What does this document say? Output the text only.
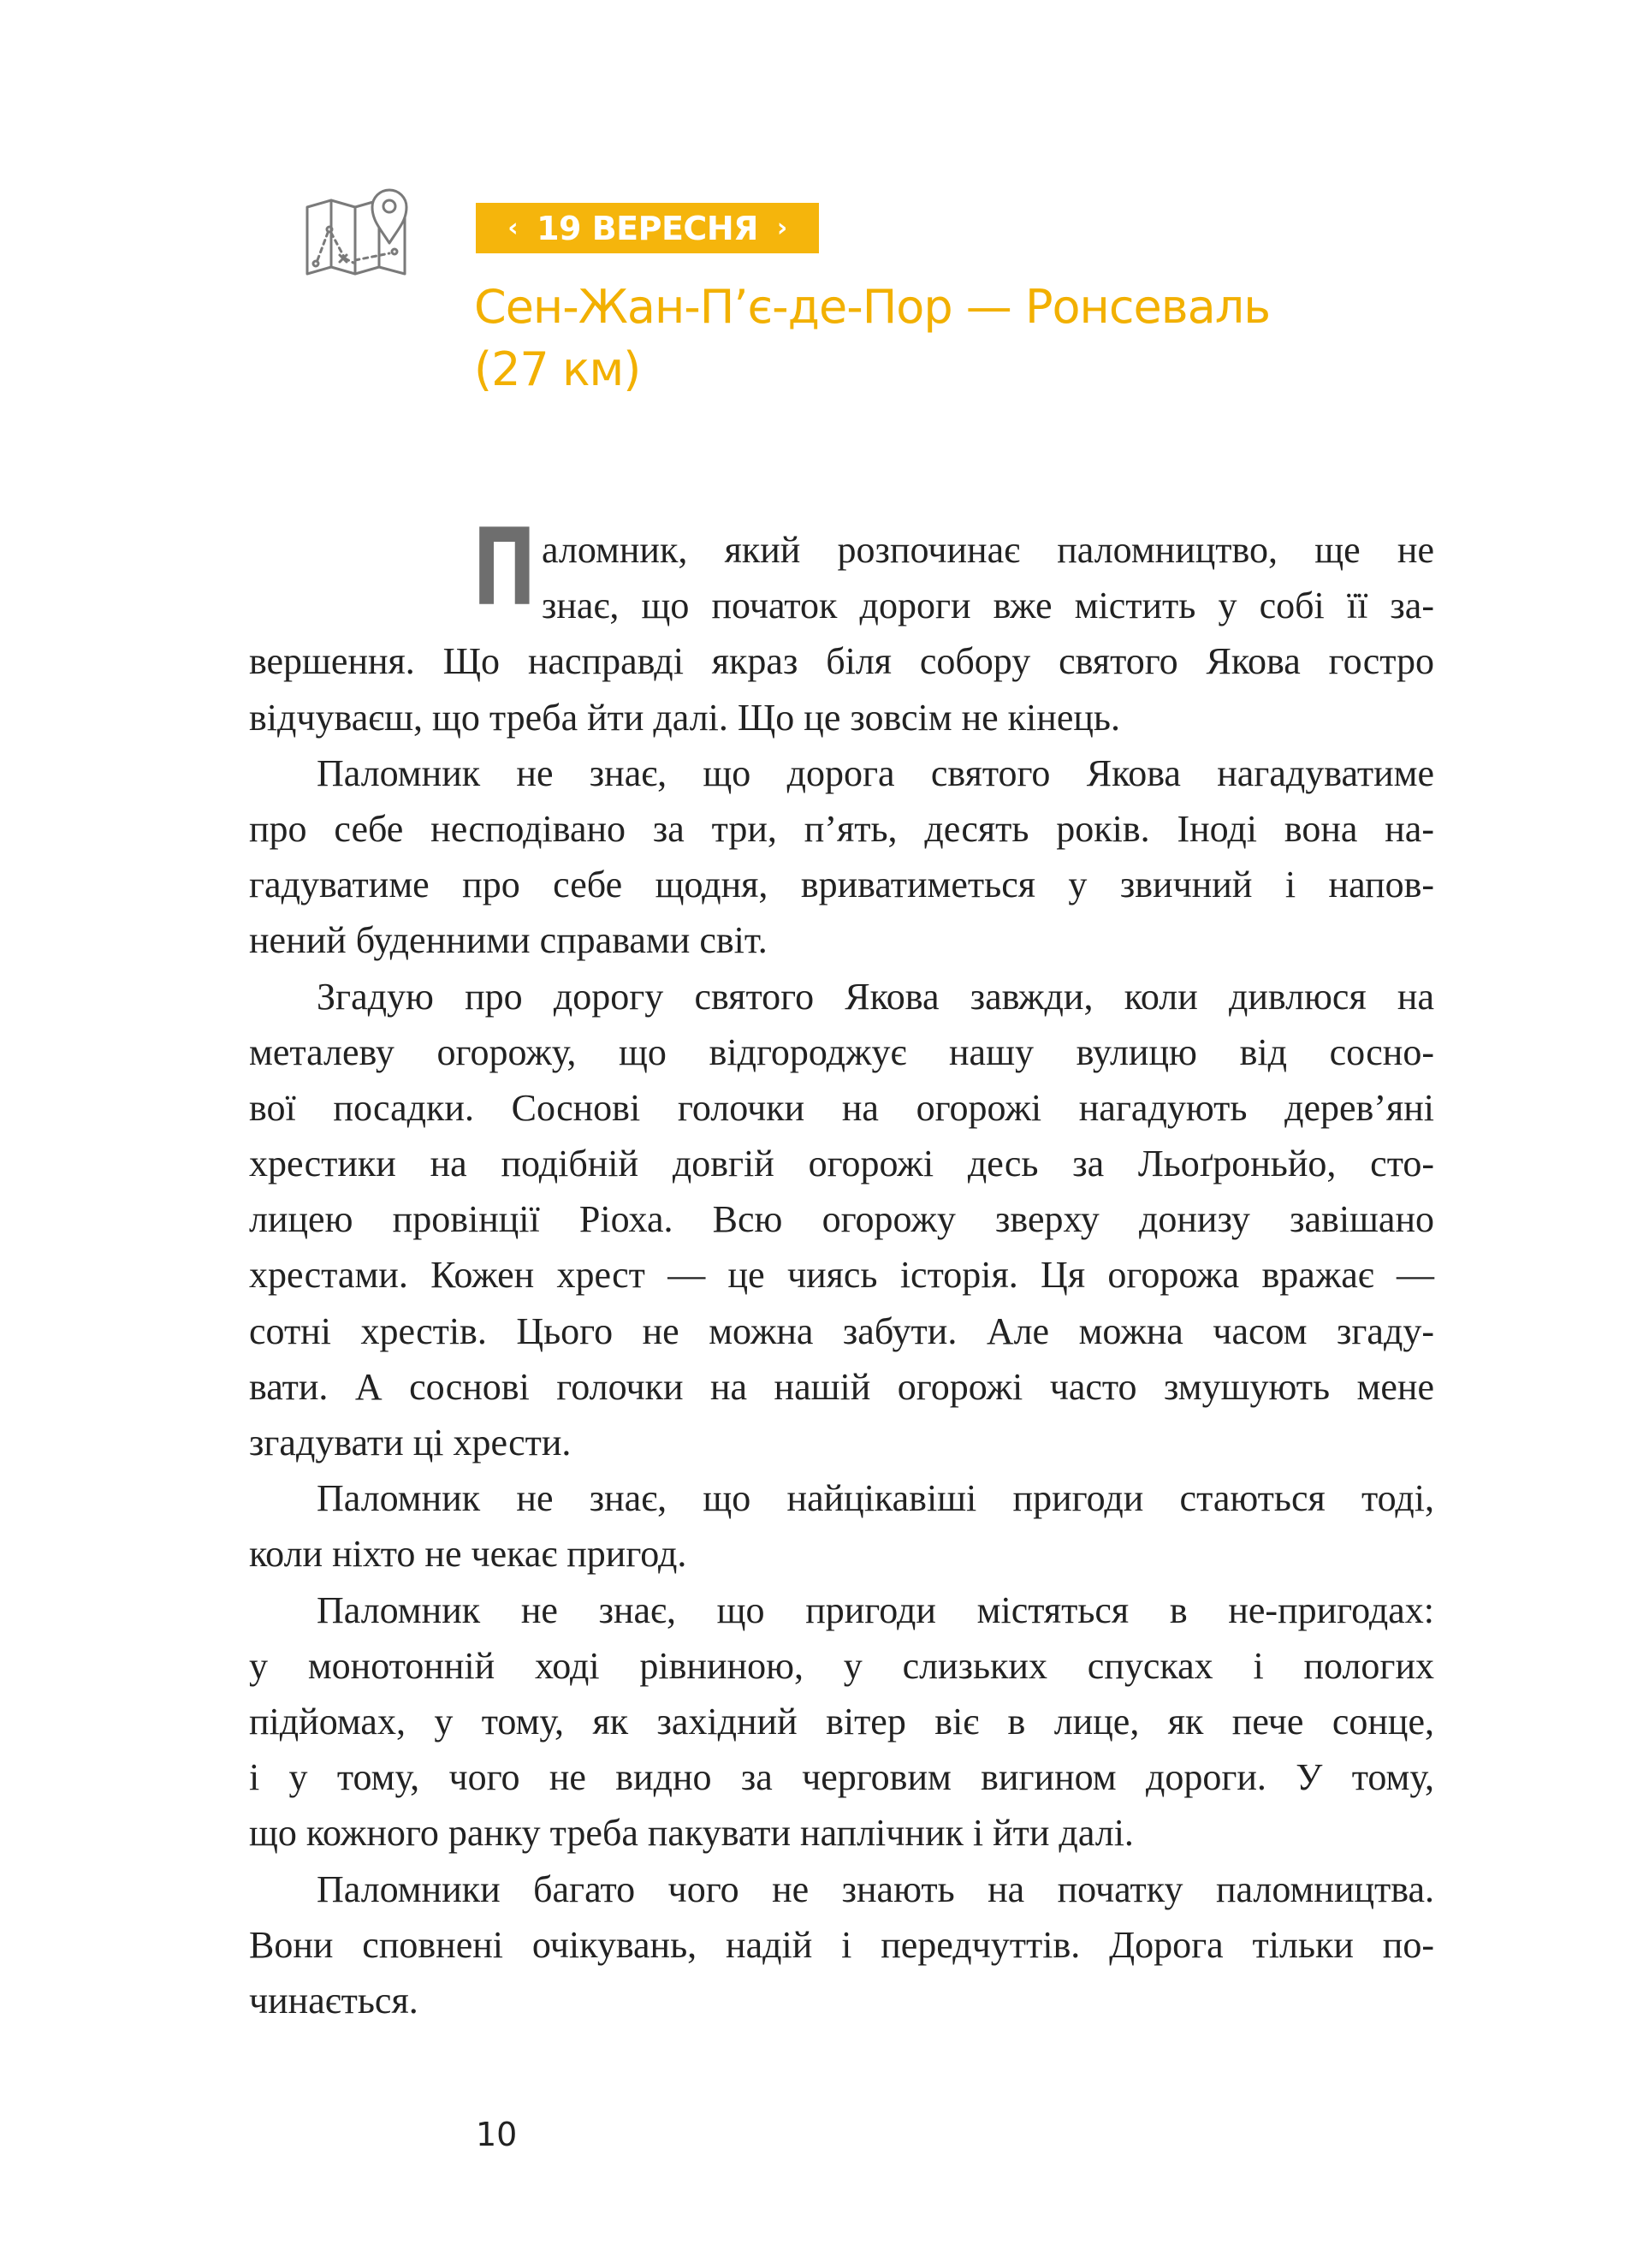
‹ 19 ВЕРЕСНЯ ›
Сен-Жан-П’є-де-Пор — Ронсеваль
(27 км)
П аломник, який розпочинає паломництво, ще не
знає, що початок дороги вже містить у собі її за-
вершення. Що насправді якраз біля собору святого Якова гостро
відчуваєш, що треба йти далі. Що це зовсім не кінець.
Паломник не знає, що дорога святого Якова нагадуватиме
про себе несподівано за три, п’ять, десять років. Іноді вона на-
гадуватиме про себе щодня, вриватиметься у звичний і напов-
нений буденними справами світ.
Згадую про дорогу святого Якова завжди, коли дивлюся на
металеву огорожу, що відгороджує нашу вулицю від сосно-
вої посадки. Соснові голочки на огорожі нагадують дерев’яні
хрестики на подібній довгій огорожі десь за Льоґроньйо, сто-
лицею провінції Ріоха. Всю огорожу зверху донизу завішано
хрестами. Кожен хрест — це чиясь історія. Ця огорожа вражає —
сотні хрестів. Цього не можна забути. Але можна часом згаду-
вати. А соснові голочки на нашій огорожі часто змушують мене
згадувати ці хрести.
Паломник не знає, що найцікавіші пригоди стаються тоді,
коли ніхто не чекає пригод.
Паломник не знає, що пригоди містяться в не-пригодах:
у монотонній ході рівниною, у слизьких спусках і пологих
підйомах, у тому, як західний вітер віє в лице, як пече сонце,
і у тому, чого не видно за черговим вигином дороги. У тому,
що кожного ранку треба пакувати наплічник і йти далі.
Паломники багато чого не знають на початку паломництва.
Вони сповнені очікувань, надій і передчуттів. Дорога тільки по-
чинається.
10
